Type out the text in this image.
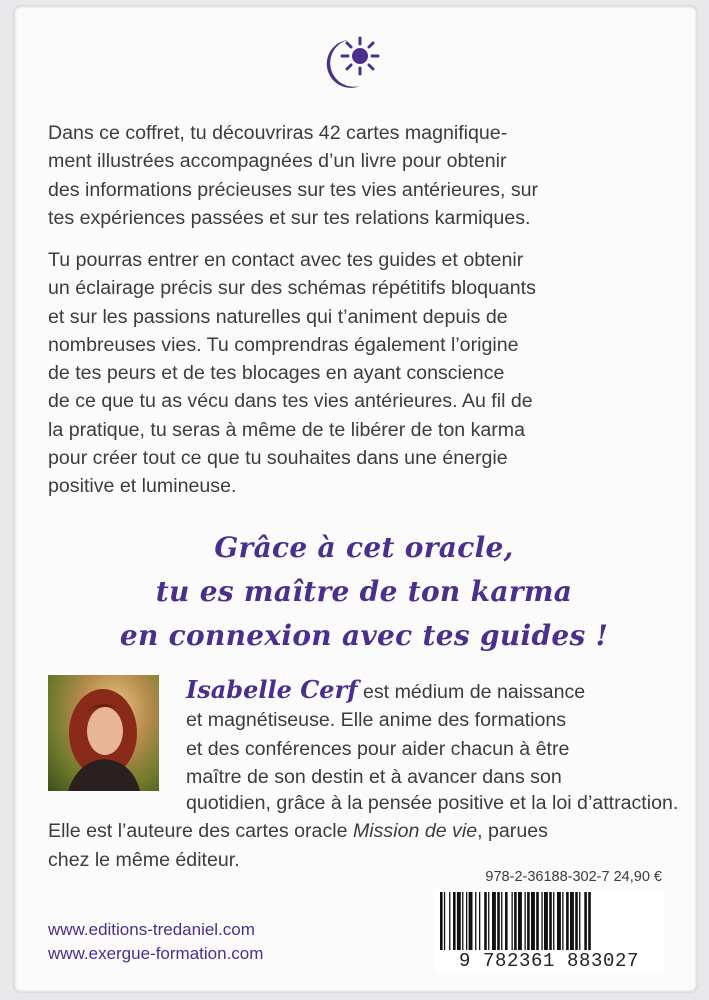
Dans ce coffret, tu découvriras 42 cartes magnifique-
ment illustrées accompagnées d’un livre pour obtenir
des informations précieuses sur tes vies antérieures, sur
tes expériences passées et sur tes relations karmiques.
Tu pourras entrer en contact avec tes guides et obtenir
un éclairage précis sur des schémas répétitifs bloquants
et sur les passions naturelles qui t’animent depuis de
nombreuses vies. Tu comprendras également l’origine
de tes peurs et de tes blocages en ayant conscience
de ce que tu as vécu dans tes vies antérieures. Au fil de
la pratique, tu seras à même de te libérer de ton karma
pour créer tout ce que tu souhaites dans une énergie
positive et lumineuse.
Grâce à cet oracle,
tu es maître de ton karma
en connexion avec tes guides !
Isabelle Cerf est médium de naissance
et magnétiseuse. Elle anime des formations
et des conférences pour aider chacun à être
maître de son destin et à avancer dans son
quotidien, grâce à la pensée positive et la loi d’attraction.
Elle est l’auteure des cartes oracle Mission de vie, parues
chez le même éditeur.
978-2-36188-302-7 24,90 €
9 782361 883027
www.editions-tredaniel.com
www.exergue-formation.com
